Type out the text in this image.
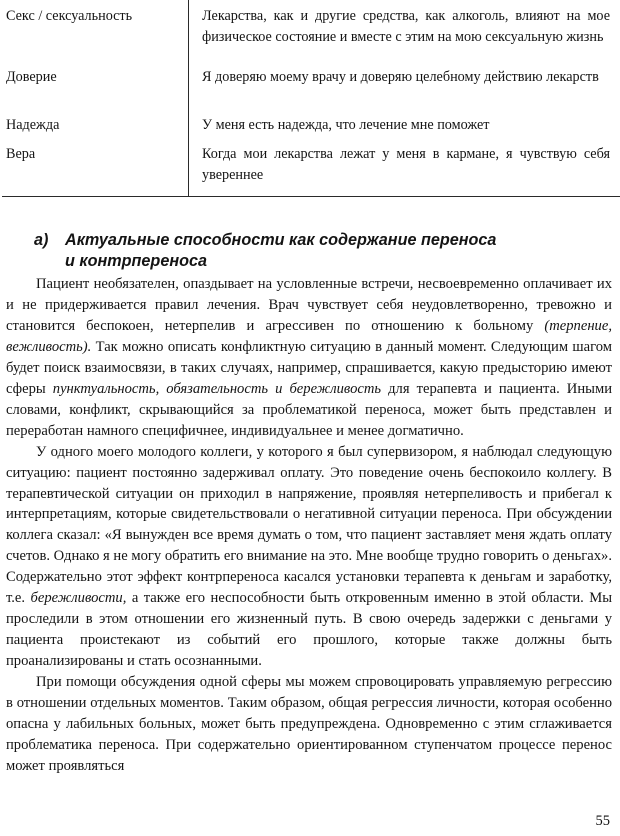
Секс / сексуальность	Лекарства, как и другие средства, как алкоголь, влияют на мое физическое состояние и вместе с этим на мою сексуальную жизнь
Доверие	Я доверяю моему врачу и доверяю целебному действию лекарств
Надежда	У меня есть надежда, что лечение мне поможет
Вера	Когда мои лекарства лежат у меня в кармане, я чувствую себя увереннее
а) Актуальные способности как содержание переноса
и контрпереноса

Пациент необязателен, опаздывает на условленные встречи, несвоевременно оплачивает их и не придерживается правил лечения. Врач чувствует себя неудовлетворенно, тревожно и становится беспокоен, нетерпелив и агрессивен по отношению к больному (терпение, вежливость). Так можно описать конфликтную ситуацию в данный момент. Следующим шагом будет поиск взаимосвязи, в таких случаях, например, спрашивается, какую предысторию имеют сферы пунктуальность, обязательность и бережливость для терапевта и пациента. Иными словами, конфликт, скрывающийся за проблематикой переноса, может быть представлен и переработан намного специфичнее, индивидуальнее и менее догматично.

У одного моего молодого коллеги, у которого я был супервизором, я наблюдал следующую ситуацию: пациент постоянно задерживал оплату. Это поведение очень беспокоило коллегу. В терапевтической ситуации он приходил в напряжение, проявляя нетерпеливость и прибегал к интерпретациям, которые свидетельствовали о негативной ситуации переноса. При обсуждении коллега сказал: «Я вынужден все время думать о том, что пациент заставляет меня ждать оплату счетов. Однако я не могу обратить его внимание на это. Мне вообще трудно говорить о деньгах». Содержательно этот эффект контрпереноса касался установки терапевта к деньгам и заработку, т.е. бережливости, а также его неспособности быть откровенным именно в этой области. Мы проследили в этом отношении его жизненный путь. В свою очередь задержки с деньгами у пациента проистекают из событий его прошлого, которые также должны быть проанализированы и стать осознанными.

При помощи обсуждения одной сферы мы можем спровоцировать управляемую регрессию в отношении отдельных моментов. Таким образом, общая регрессия личности, которая особенно опасна у лабильных больных, может быть предупреждена. Одновременно с этим сглаживается проблематика переноса. При содержательно ориентированном ступенчатом процессе перенос может проявляться

55
